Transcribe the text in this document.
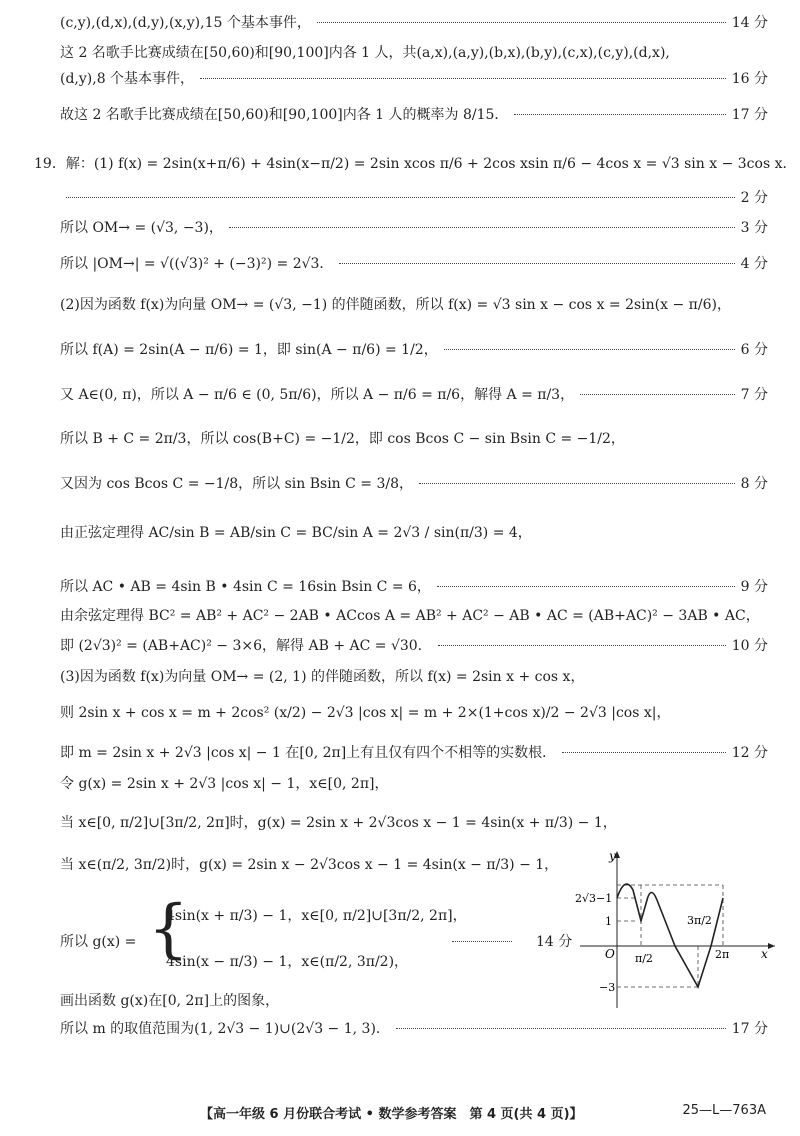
(c,y),(d,x),(d,y),(x,y),15 个基本事件，	14 分
这 2 名歌手比赛成绩在[50,60)和[90,100]内各 1 人，共(a,x),(a,y),(b,x),(b,y),(c,x),(c,y),(d,x),
(d,y),8 个基本事件，	16 分
故这 2 名歌手比赛成绩在[50,60)和[90,100]内各 1 人的概率为 8/15．	17 分
19．解：(1) f(x) = 2sin(x+π/6) + 4sin(x−π/2) = 2sin xcos π/6 + 2cos xsin π/6 − 4cos x = √3 sin x − 3cos x．
2 分
所以 OM→ = (√3, −3)，	3 分
所以 |OM→| = √((√3)² + (−3)²) = 2√3．	4 分
(2)因为函数 f(x)为向量 OM→ = (√3, −1) 的伴随函数，所以 f(x) = √3 sin x − cos x = 2sin(x − π/6)，
所以 f(A) = 2sin(A − π/6) = 1，即 sin(A − π/6) = 1/2，	6 分
又 A∈(0, π)，所以 A − π/6 ∈ (0, 5π/6)，所以 A − π/6 = π/6，解得 A = π/3，	7 分
所以 B + C = 2π/3，所以 cos(B+C) = −1/2，即 cos Bcos C − sin Bsin C = −1/2，
又因为 cos Bcos C = −1/8，所以 sin Bsin C = 3/8，	8 分
由正弦定理得 AC/sin B = AB/sin C = BC/sin A = 2√3 / sin(π/3) = 4，
所以 AC • AB = 4sin B • 4sin C = 16sin Bsin C = 6，	9 分
由余弦定理得 BC² = AB² + AC² − 2AB • ACcos A = AB² + AC² − AB • AC = (AB+AC)² − 3AB • AC，
即 (2√3)² = (AB+AC)² − 3×6，解得 AB + AC = √30．	10 分
(3)因为函数 f(x)为向量 OM→ = (2, 1) 的伴随函数，所以 f(x) = 2sin x + cos x，
则 2sin x + cos x = m + 2cos² (x/2) − 2√3 |cos x| = m + 2×(1+cos x)/2 − 2√3 |cos x|，
即 m = 2sin x + 2√3 |cos x| − 1 在[0, 2π]上有且仅有四个不相等的实数根．	12 分
令 g(x) = 2sin x + 2√3 |cos x| − 1，x∈[0, 2π]，
当 x∈[0, π/2]∪[3π/2, 2π]时，g(x) = 2sin x + 2√3cos x − 1 = 4sin(x + π/3) − 1，
当 x∈(π/2, 3π/2)时，g(x) = 2sin x − 2√3cos x − 1 = 4sin(x − π/3) − 1，
所以 g(x) = {
4sin(x + π/3) − 1，x∈[0, π/2]∪[3π/2, 2π]，
4sin(x − π/3) − 1，x∈(π/2, 3π/2)，
14 分
画出函数 g(x)在[0, 2π]上的图象，
所以 m 的取值范围为(1, 2√3 − 1)∪(2√3 − 1, 3)．	17 分
y
x
O
2√3−1
1
−3
π/2
3π/2
2π
【高一年级 6 月份联合考试 • 数学参考答案　第 4 页(共 4 页)】	25—L—763A
